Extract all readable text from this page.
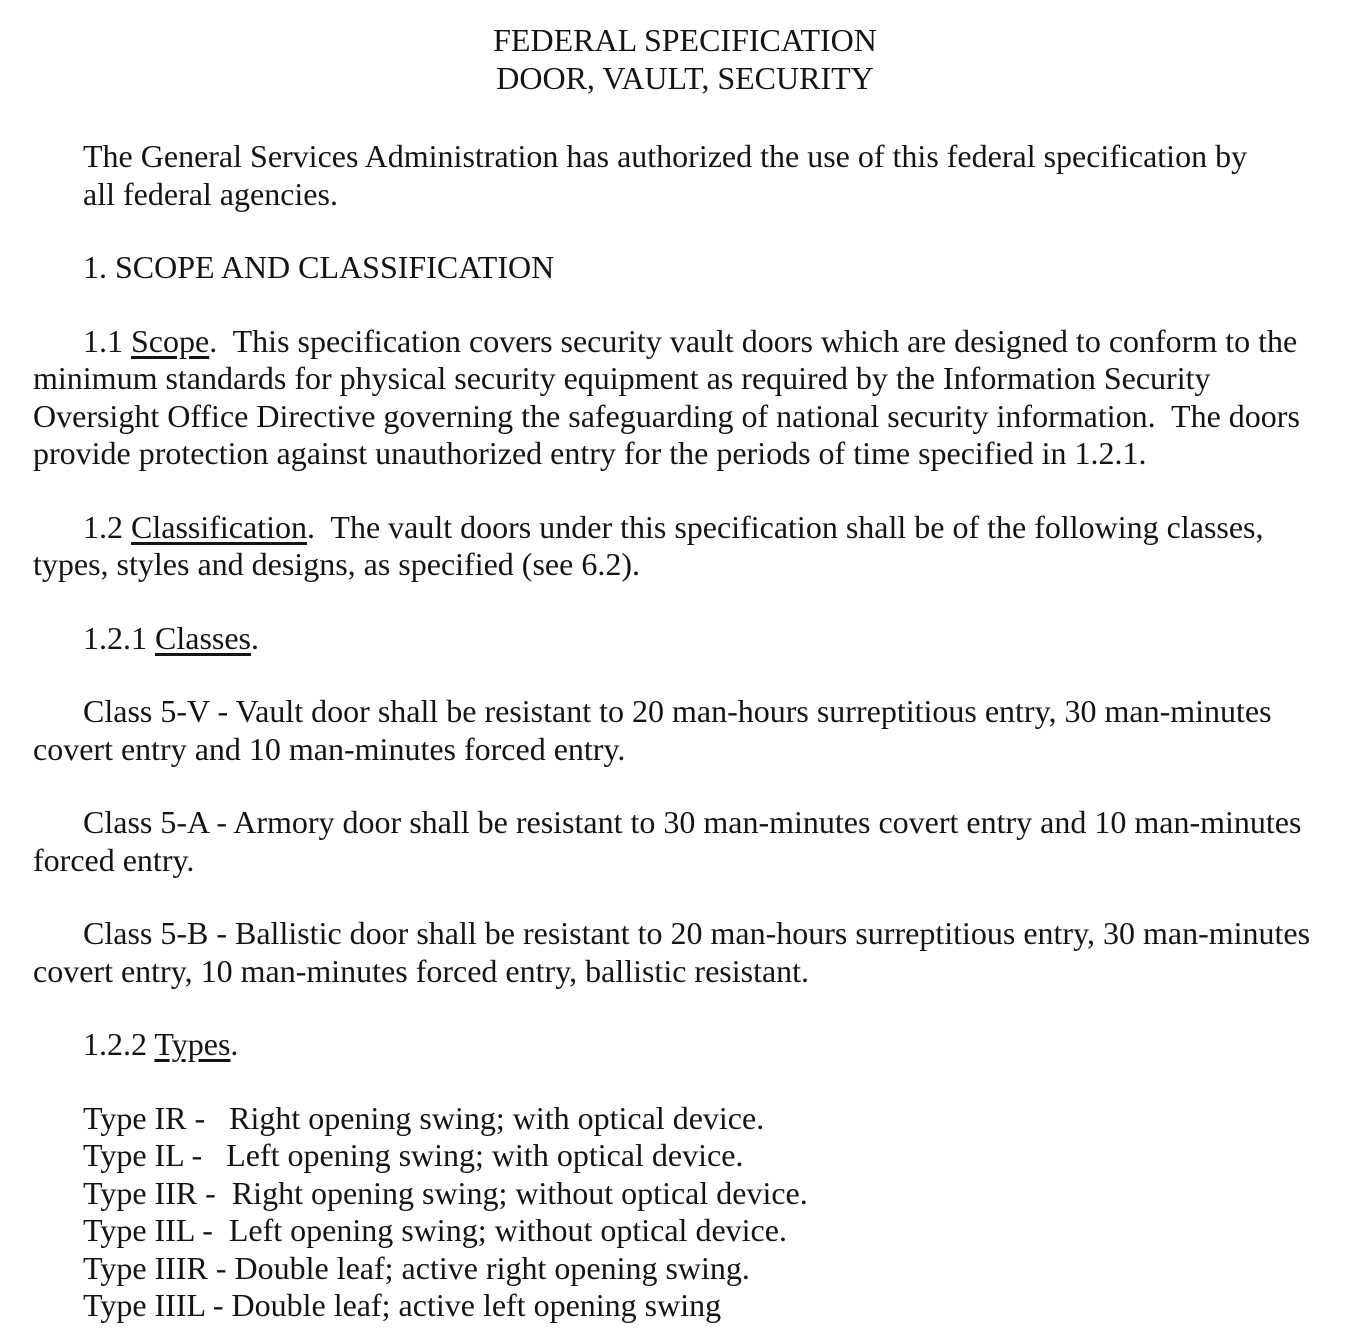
FEDERAL SPECIFICATION
DOOR, VAULT, SECURITY
The General Services Administration has authorized the use of this federal specification by
all federal agencies.
1. SCOPE AND CLASSIFICATION
1.1 Scope.  This specification covers security vault doors which are designed to conform to the
minimum standards for physical security equipment as required by the Information Security
Oversight Office Directive governing the safeguarding of national security information.  The doors
provide protection against unauthorized entry for the periods of time specified in 1.2.1.
1.2 Classification.  The vault doors under this specification shall be of the following classes,
types, styles and designs, as specified (see 6.2).
1.2.1 Classes.
Class 5-V - Vault door shall be resistant to 20 man-hours surreptitious entry, 30 man-minutes
covert entry and 10 man-minutes forced entry.
Class 5-A - Armory door shall be resistant to 30 man-minutes covert entry and 10 man-minutes
forced entry.
Class 5-B - Ballistic door shall be resistant to 20 man-hours surreptitious entry, 30 man-minutes
covert entry, 10 man-minutes forced entry, ballistic resistant.
1.2.2 Types.
Type IR -   Right opening swing; with optical device.
Type IL -   Left opening swing; with optical device.
Type IIR -  Right opening swing; without optical device.
Type IIL -  Left opening swing; without optical device.
Type IIIR - Double leaf; active right opening swing.
Type IIIL - Double leaf; active left opening swing
